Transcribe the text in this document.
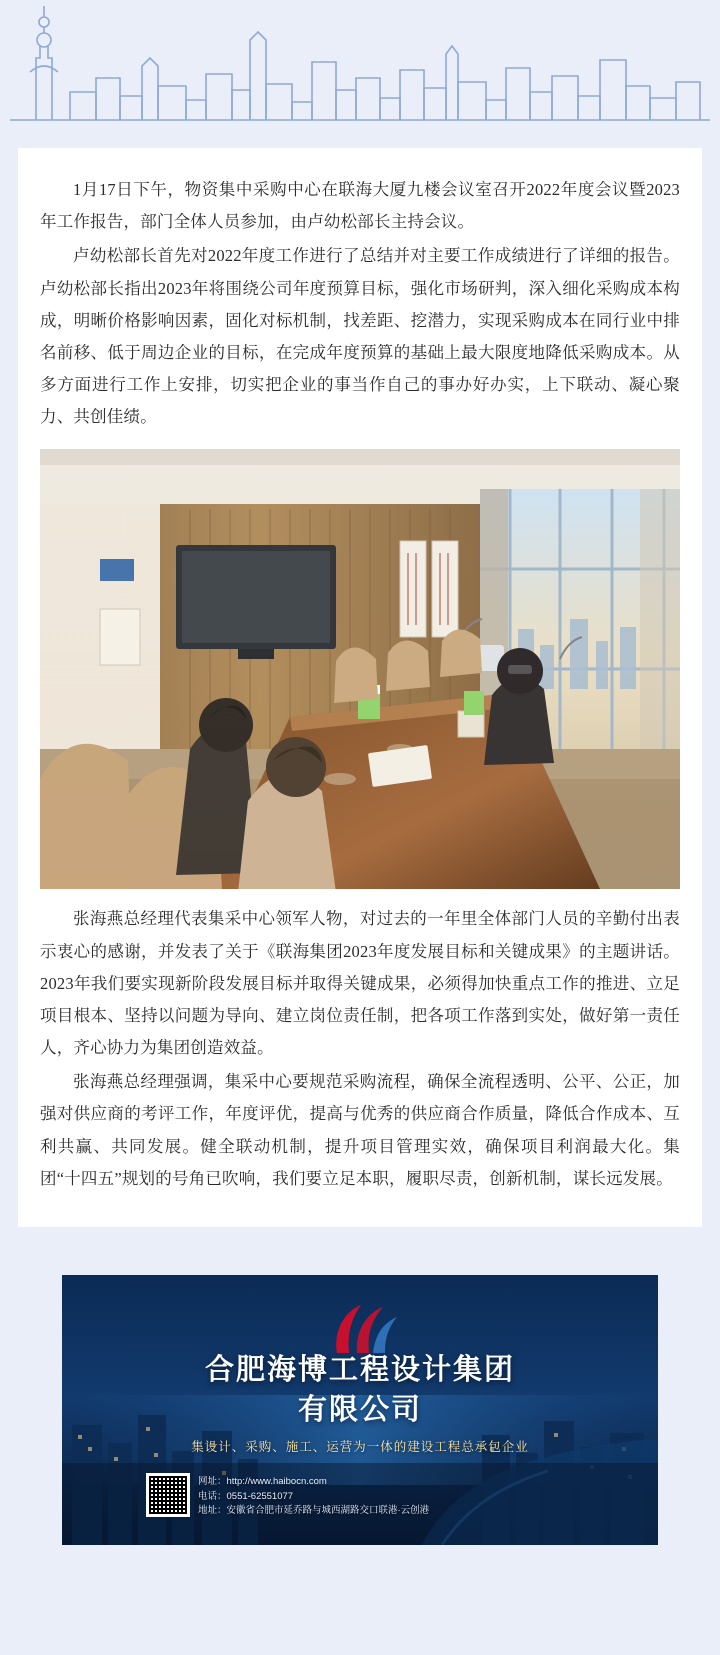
1月17日下午，物资集中采购中心在联海大厦九楼会议室召开2022年度会议暨2023年工作报告，部门全体人员参加，由卢幼松部长主持会议。

卢幼松部长首先对2022年度工作进行了总结并对主要工作成绩进行了详细的报告。卢幼松部长指出2023年将围绕公司年度预算目标，强化市场研判，深入细化采购成本构成，明晰价格影响因素，固化对标机制，找差距、挖潜力，实现采购成本在同行业中排名前移、低于周边企业的目标，在完成年度预算的基础上最大限度地降低采购成本。从多方面进行工作上安排，切实把企业的事当作自己的事办好办实，上下联动、凝心聚力、共创佳绩。

张海燕总经理代表集采中心领军人物，对过去的一年里全体部门人员的辛勤付出表示衷心的感谢，并发表了关于《联海集团2023年度发展目标和关键成果》的主题讲话。2023年我们要实现新阶段发展目标并取得关键成果，必须得加快重点工作的推进、立足项目根本、坚持以问题为导向、建立岗位责任制，把各项工作落到实处，做好第一责任人，齐心协力为集团创造效益。

张海燕总经理强调，集采中心要规范采购流程，确保全流程透明、公平、公正，加强对供应商的考评工作，年度评优，提高与优秀的供应商合作质量，降低合作成本、互利共赢、共同发展。健全联动机制，提升项目管理实效，确保项目利润最大化。集团“十四五”规划的号角已吹响，我们要立足本职，履职尽责，创新机制，谋长远发展。

合肥海博工程设计集团
有限公司
集设计、采购、施工、运营为一体的建设工程总承包企业
网址：http://www.haibocn.com
电话：0551-62551077
地址：安徽省合肥市延乔路与城西湖路交口联港·云创港
